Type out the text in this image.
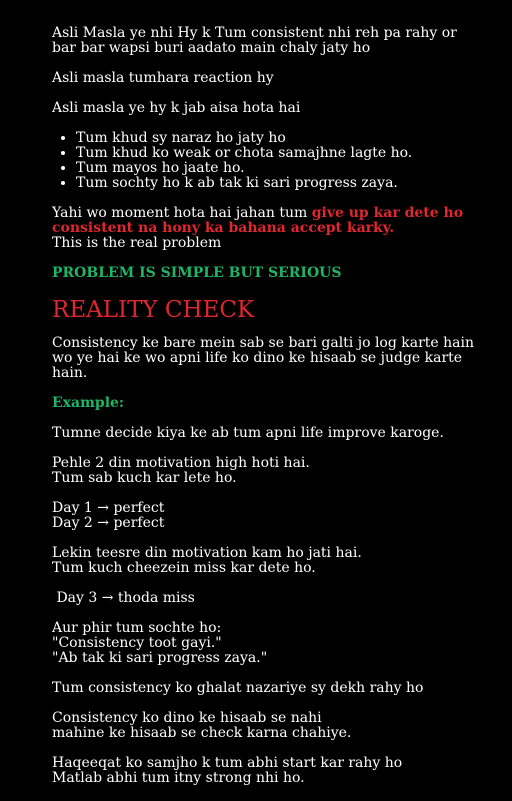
Asli Masla ye nhi Hy k Tum consistent nhi reh pa rahy or bar bar wapsi buri aadato main chaly jaty ho

Asli masla tumhara reaction hy

Asli masla ye hy k jab aisa hota hai

• Tum khud sy naraz ho jaty ho
• Tum khud ko weak or chota samajhne lagte ho.
• Tum mayos ho jaate ho.
• Tum sochty ho k ab tak ki sari progress zaya.

Yahi wo moment hota hai jahan tum give up kar dete ho consistent na hony ka bahana accept karky.
This is the real problem

PROBLEM IS SIMPLE BUT SERIOUS

REALITY CHECK

Consistency ke bare mein sab se bari galti jo log karte hain wo ye hai ke wo apni life ko dino ke hisaab se judge karte hain.

Example:

Tumne decide kiya ke ab tum apni life improve karoge.

Pehle 2 din motivation high hoti hai.
Tum sab kuch kar lete ho.

Day 1 → perfect
Day 2 → perfect

Lekin teesre din motivation kam ho jati hai.
Tum kuch cheezein miss kar dete ho.

Day 3 → thoda miss

Aur phir tum sochte ho:
"Consistency toot gayi."
"Ab tak ki sari progress zaya."

Tum consistency ko ghalat nazariye sy dekh rahy ho

Consistency ko dino ke hisaab se nahi
mahine ke hisaab se check karna chahiye.

Haqeeqat ko samjho k tum abhi start kar rahy ho
Matlab abhi tum itny strong nhi ho.
